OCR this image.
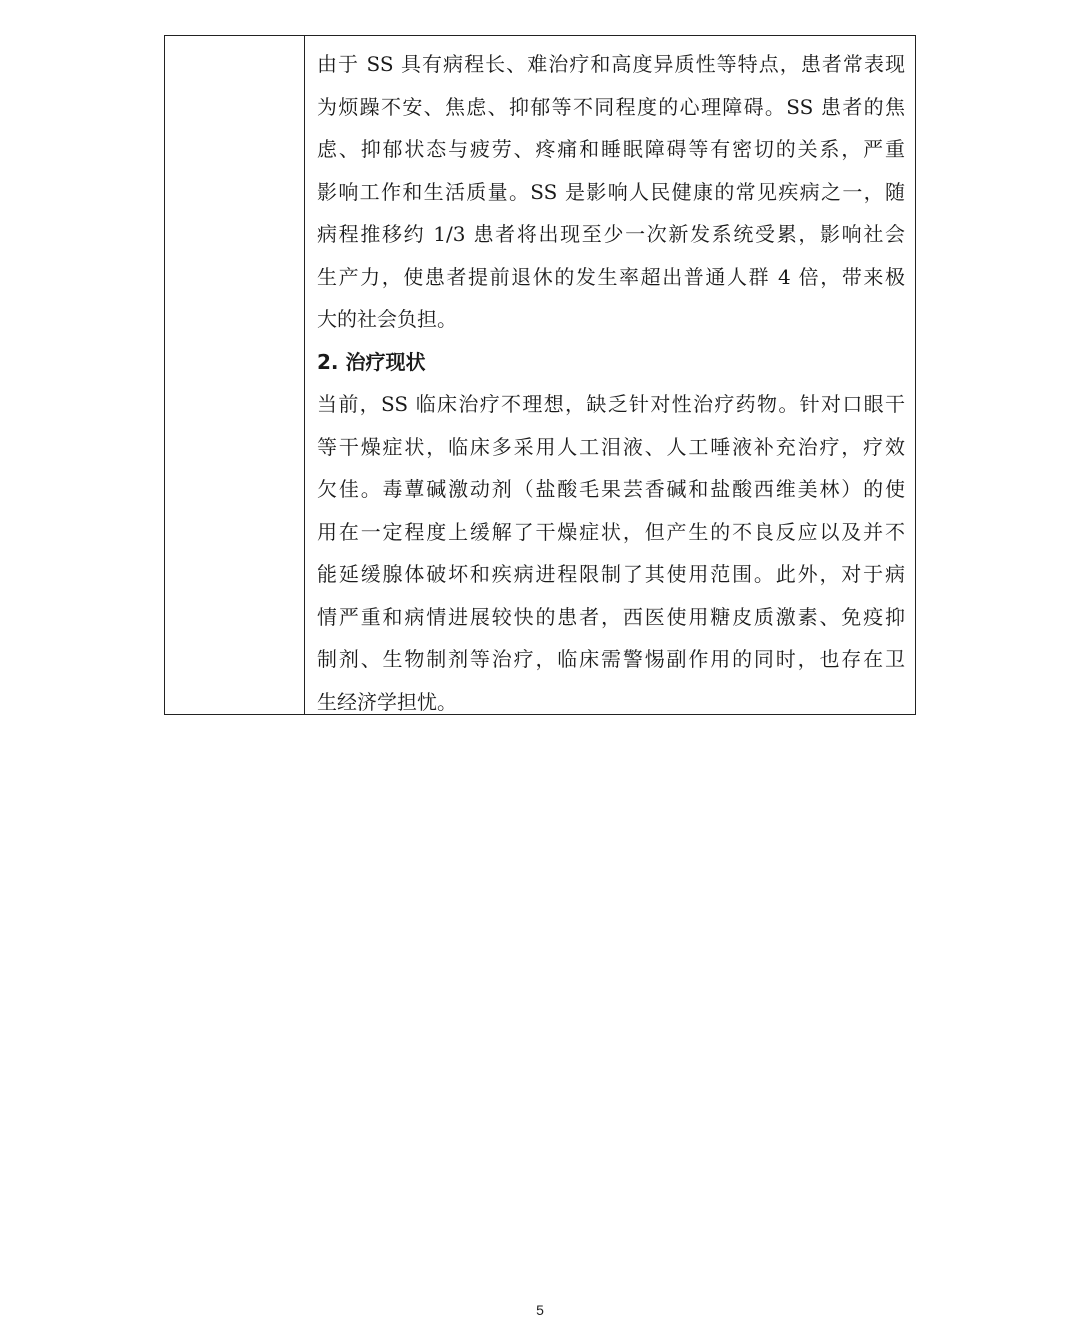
由于 SS 具有病程长、难治疗和高度异质性等特点，患者常表现
为烦躁不安、焦虑、抑郁等不同程度的心理障碍。SS 患者的焦
虑、抑郁状态与疲劳、疼痛和睡眠障碍等有密切的关系，严重
影响工作和生活质量。SS 是影响人民健康的常见疾病之一，随
病程推移约 1/3 患者将出现至少一次新发系统受累，影响社会
生产力，使患者提前退休的发生率超出普通人群 4 倍，带来极
大的社会负担。
2. 治疗现状
当前，SS 临床治疗不理想，缺乏针对性治疗药物。针对口眼干
等干燥症状，临床多采用人工泪液、人工唾液补充治疗，疗效
欠佳。毒蕈碱激动剂（盐酸毛果芸香碱和盐酸西维美林）的使
用在一定程度上缓解了干燥症状，但产生的不良反应以及并不
能延缓腺体破坏和疾病进程限制了其使用范围。此外，对于病
情严重和病情进展较快的患者，西医使用糖皮质激素、免疫抑
制剂、生物制剂等治疗，临床需警惕副作用的同时，也存在卫
生经济学担忧。
5
